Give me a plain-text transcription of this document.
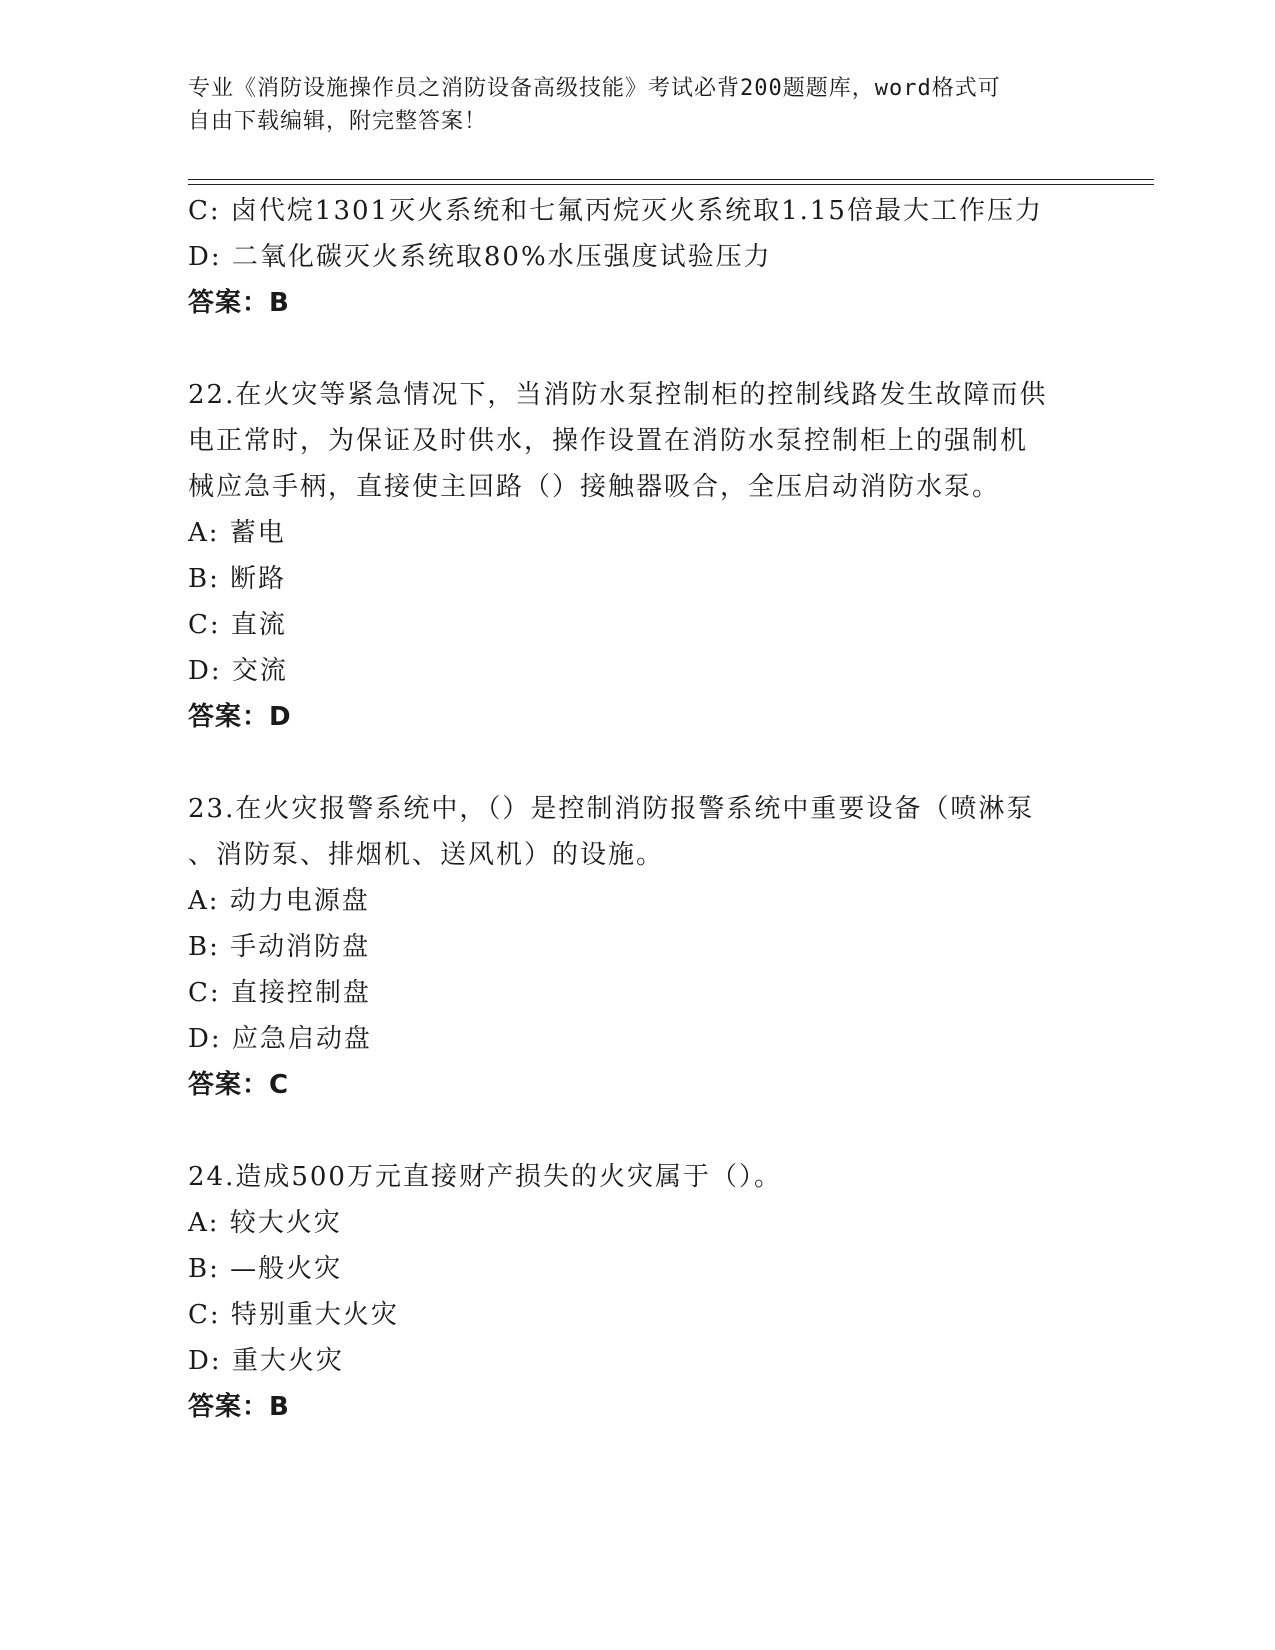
专业《消防设施操作员之消防设备高级技能》考试必背200题题库，word格式可
自由下载编辑，附完整答案！
C: 卤代烷1301灭火系统和七氟丙烷灭火系统取1.15倍最大工作压力
D: 二氧化碳灭火系统取80%水压强度试验压力
答案：B
22.在火灾等紧急情况下，当消防水泵控制柜的控制线路发生故障而供
电正常时，为保证及时供水，操作设置在消防水泵控制柜上的强制机
械应急手柄，直接使主回路（）接触器吸合，全压启动消防水泵。
A: 蓄电
B: 断路
C: 直流
D: 交流
答案：D
23.在火灾报警系统中，（）是控制消防报警系统中重要设备（喷淋泵
、消防泵、排烟机、送风机）的设施。
A: 动力电源盘
B: 手动消防盘
C: 直接控制盘
D: 应急启动盘
答案：C
24.造成500万元直接财产损失的火灾属于（）。
A: 较大火灾
B: —般火灾
C: 特别重大火灾
D: 重大火灾
答案：B
